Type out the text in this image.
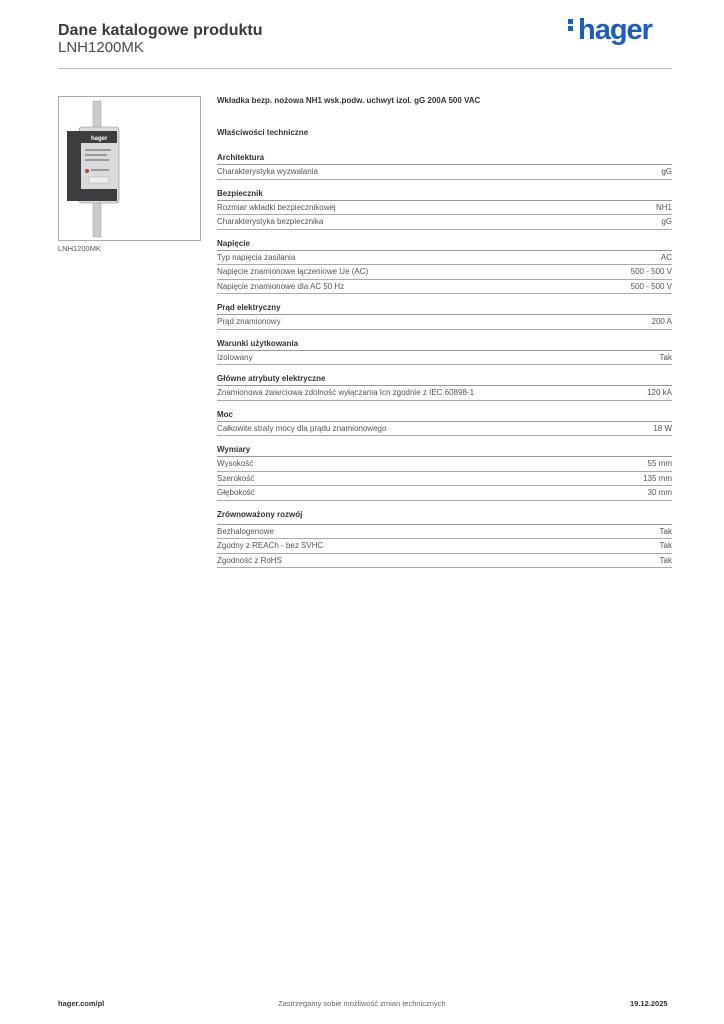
Dane katalogowe produktu
LNH1200MK
hager
hager
LNH1200MK
Wkładka bezp. nożowa NH1 wsk.podw. uchwyt izol. gG 200A 500 VAC
Właściwości techniczne
Architektura
Charakterystyka wyzwalania	gG
Bezpiecznik
Rozmiar wkładki bezpiecznikowej	NH1
Charakterystyka bezpiecznika	gG
Napięcie
Typ napięcia zasilania	AC
Napięcie znamionowe łączeniowe Ue (AC)	500 - 500 V
Napięcie znamionowe dla AC 50 Hz	500 - 500 V
Prąd elektryczny
Prąd znamionowy	200 A
Warunki użytkowania
Izolowany	Tak
Główne atrybuty elektryczne
Znamionowa zwarciowa zdolność wyłączania Icn zgodnie z IEC 60898-1	120 kA
Moc
Całkowite straty mocy dla prądu znamionowego	18 W
Wymiary
Wysokość	55 mm
Szerokość	135 mm
Głębokość	30 mm
Zrównoważony rozwój
Bezhalogenowe	Tak
Zgodny z REACh - bez SVHC	Tak
Zgodność z RoHS	Tak
hager.com/pl	Zastrzegamy sobie możliwość zmian technicznych	19.12.2025
